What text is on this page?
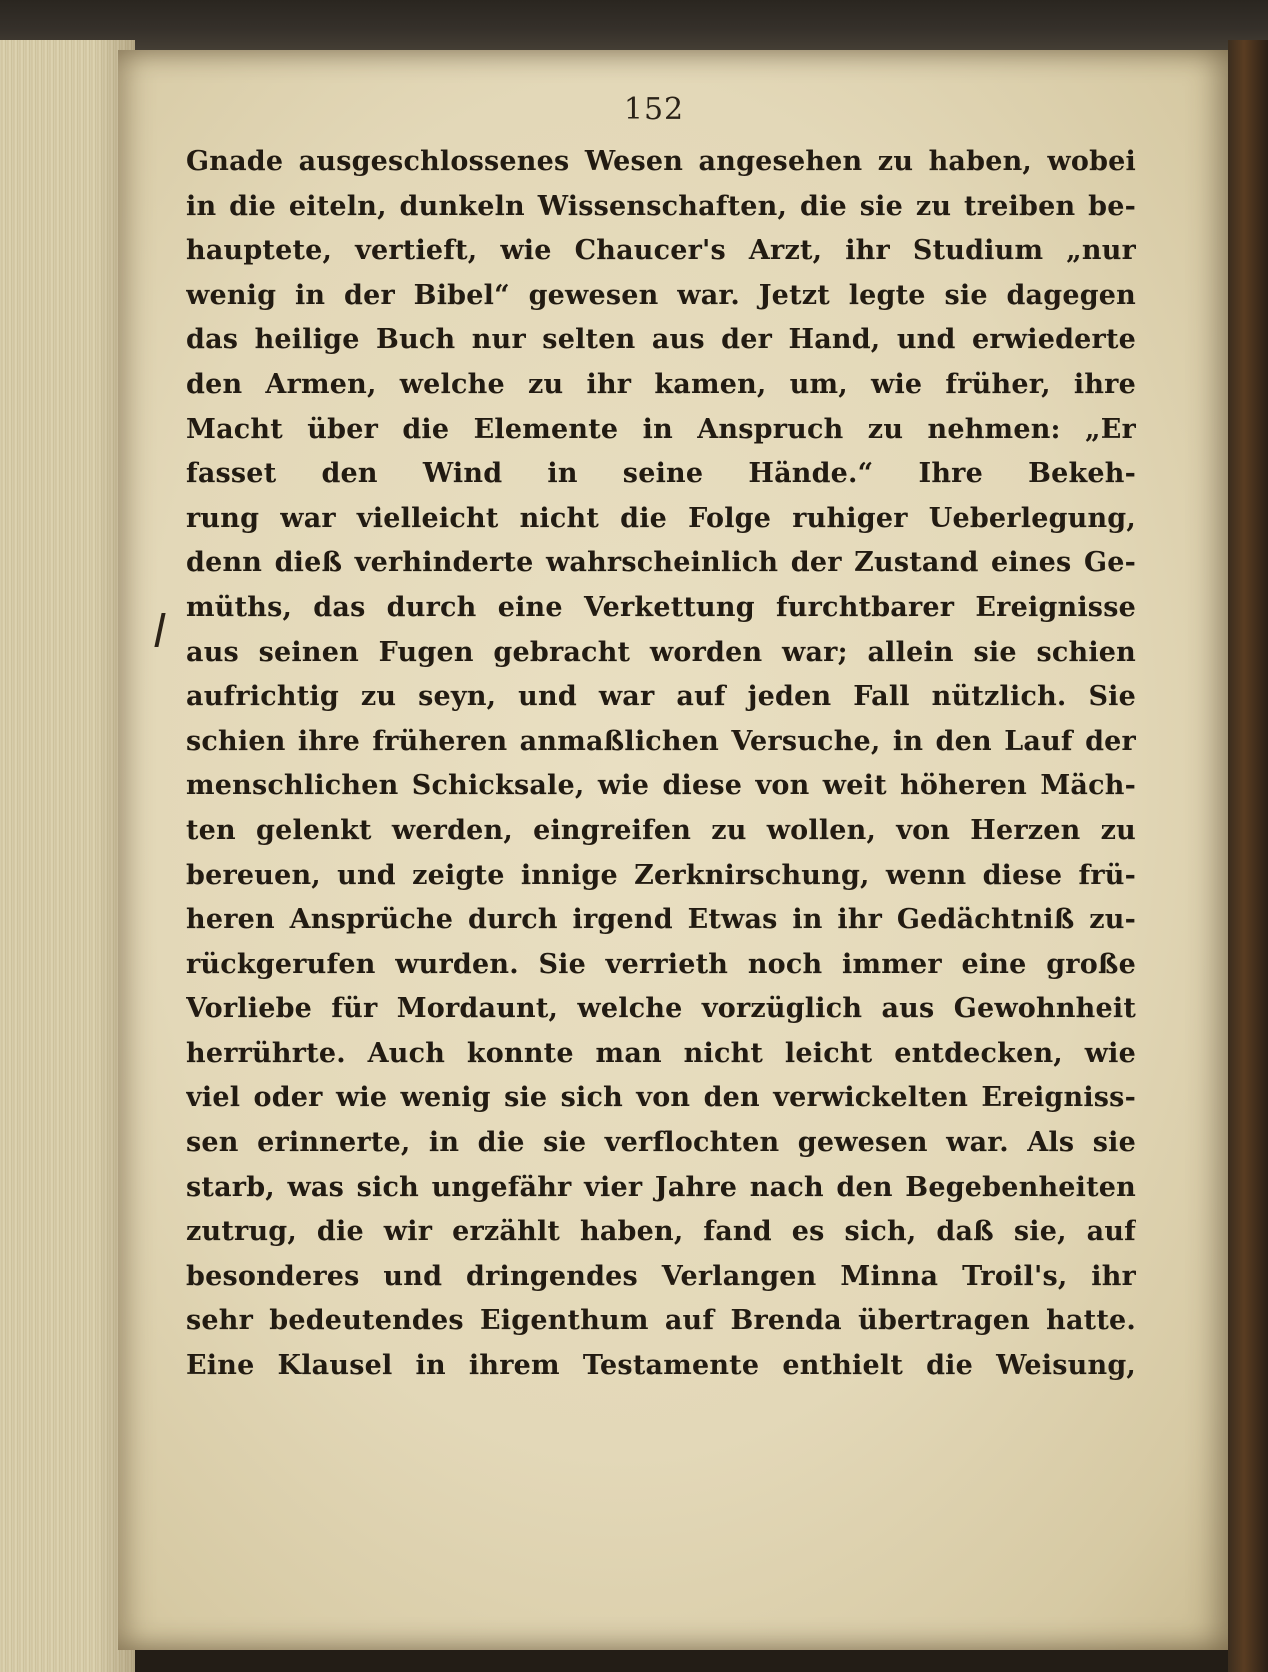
152
Gnade ausgeschlossenes Wesen angesehen zu haben, wobei
in die eiteln, dunkeln Wissenschaften, die sie zu treiben be-
hauptete, vertieft, wie Chaucer's Arzt, ihr Studium „nur
wenig in der Bibel“ gewesen war. Jetzt legte sie dagegen
das heilige Buch nur selten aus der Hand, und erwiederte
den Armen, welche zu ihr kamen, um, wie früher, ihre
Macht über die Elemente in Anspruch zu nehmen: „Er
fasset den Wind in seine Hände.“ Ihre Bekeh-
rung war vielleicht nicht die Folge ruhiger Ueberlegung,
denn dieß verhinderte wahrscheinlich der Zustand eines Ge-
müths, das durch eine Verkettung furchtbarer Ereignisse
aus seinen Fugen gebracht worden war; allein sie schien
aufrichtig zu seyn, und war auf jeden Fall nützlich. Sie
schien ihre früheren anmaßlichen Versuche, in den Lauf der
menschlichen Schicksale, wie diese von weit höheren Mäch-
ten gelenkt werden, eingreifen zu wollen, von Herzen zu
bereuen, und zeigte innige Zerknirschung, wenn diese frü-
heren Ansprüche durch irgend Etwas in ihr Gedächtniß zu-
rückgerufen wurden. Sie verrieth noch immer eine große
Vorliebe für Mordaunt, welche vorzüglich aus Gewohnheit
herrührte. Auch konnte man nicht leicht entdecken, wie
viel oder wie wenig sie sich von den verwickelten Ereigniss-
sen erinnerte, in die sie verflochten gewesen war. Als sie
starb, was sich ungefähr vier Jahre nach den Begebenheiten
zutrug, die wir erzählt haben, fand es sich, daß sie, auf
besonderes und dringendes Verlangen Minna Troil's, ihr
sehr bedeutendes Eigenthum auf Brenda übertragen hatte.
Eine Klausel in ihrem Testamente enthielt die Weisung,
